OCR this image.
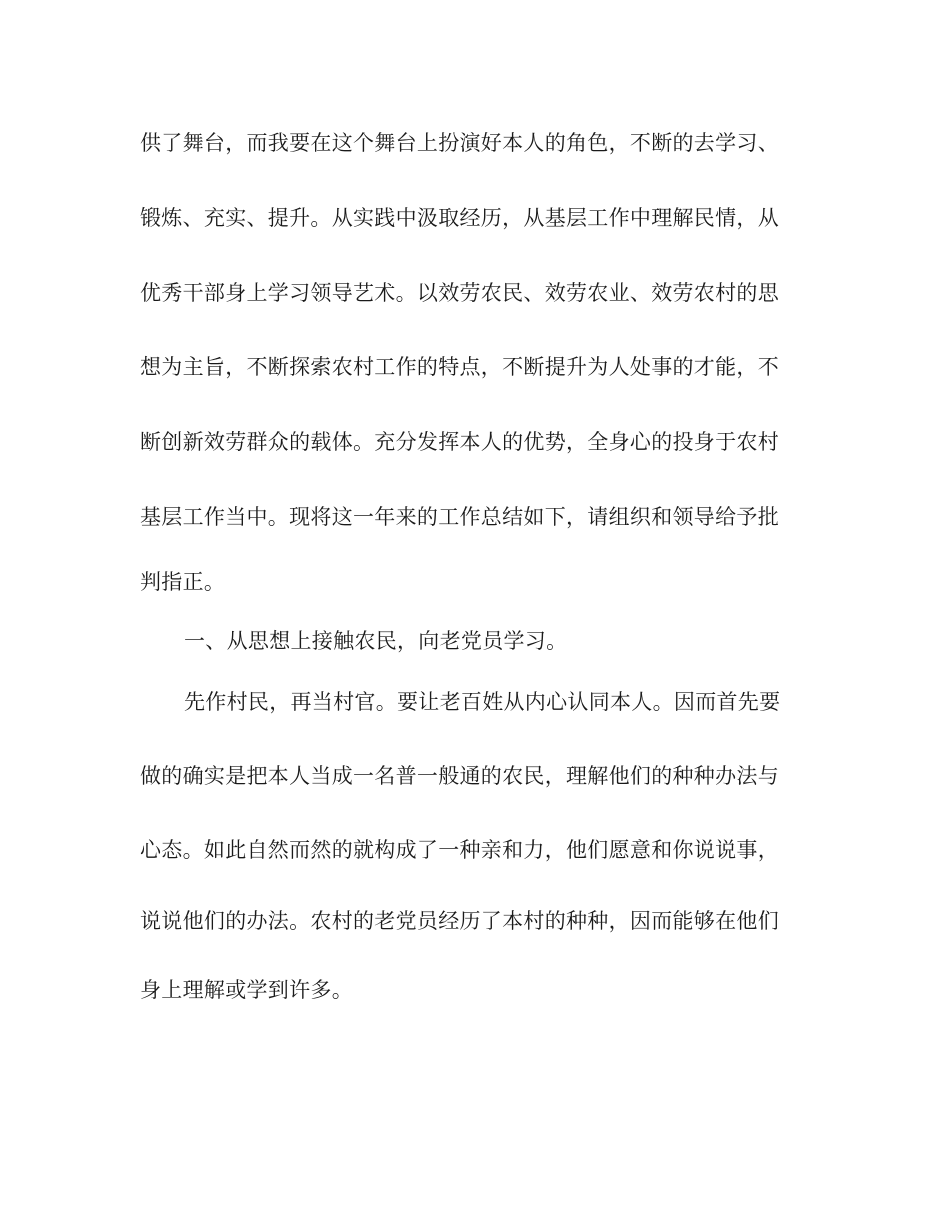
供了舞台，而我要在这个舞台上扮演好本人的角色，不断的去学习、
锻炼、充实、提升。从实践中汲取经历，从基层工作中理解民情，从
优秀干部身上学习领导艺术。以效劳农民、效劳农业、效劳农村的思
想为主旨，不断探索农村工作的特点，不断提升为人处事的才能，不
断创新效劳群众的载体。充分发挥本人的优势，全身心的投身于农村
基层工作当中。现将这一年来的工作总结如下，请组织和领导给予批
判指正。
一、从思想上接触农民，向老党员学习。
先作村民，再当村官。要让老百姓从内心认同本人。因而首先要
做的确实是把本人当成一名普一般通的农民，理解他们的种种办法与
心态。如此自然而然的就构成了一种亲和力，他们愿意和你说说事，
说说他们的办法。农村的老党员经历了本村的种种，因而能够在他们
身上理解或学到许多。
